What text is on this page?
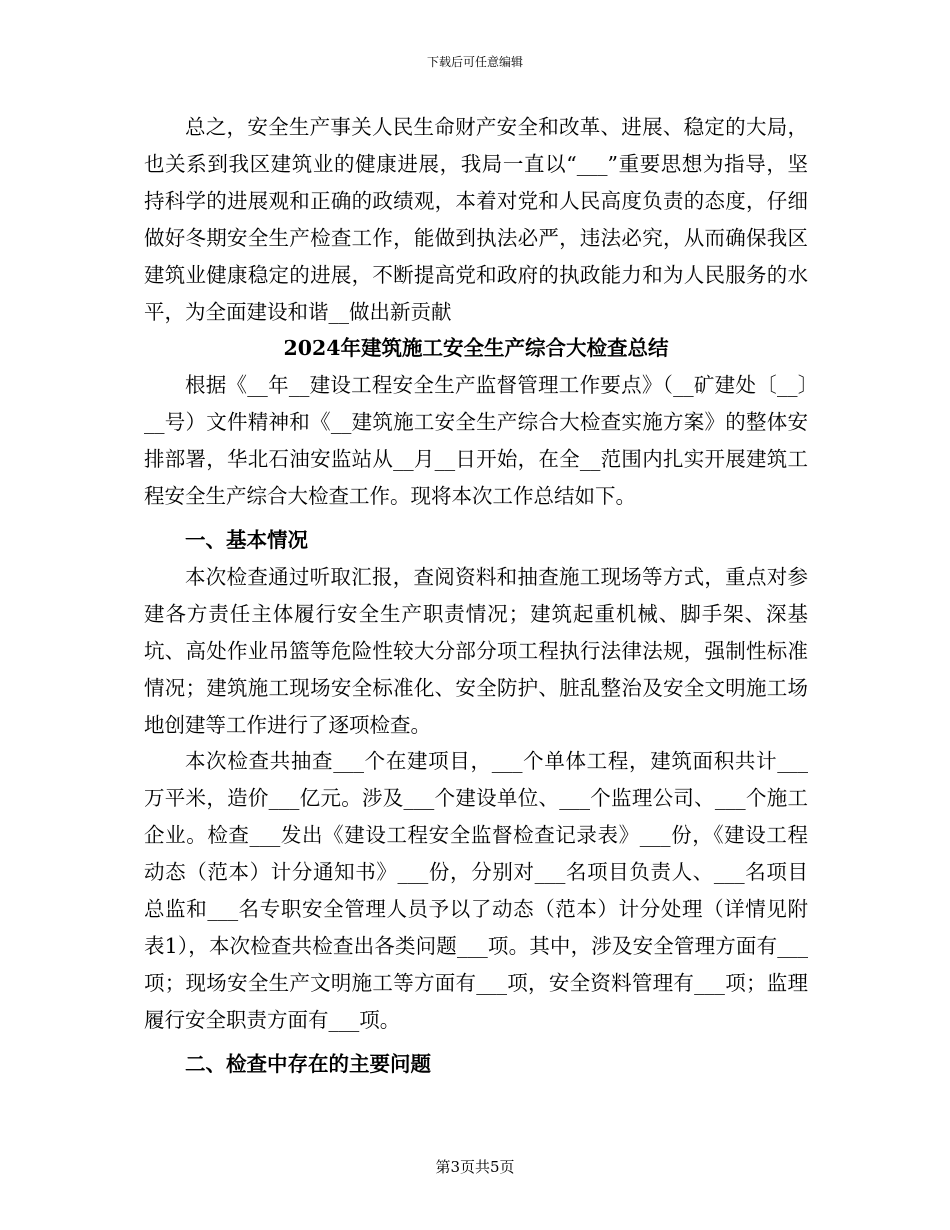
下载后可任意编辑

总之，安全生产事关人民生命财产安全和改革、进展、稳定的大局，也关系到我区建筑业的健康进展，我局一直以“___”重要思想为指导，坚持科学的进展观和正确的政绩观，本着对党和人民高度负责的态度，仔细做好冬期安全生产检查工作，能做到执法必严，违法必究，从而确保我区建筑业健康稳定的进展，不断提高党和政府的执政能力和为人民服务的水平，为全面建设和谐__做出新贡献

2024年建筑施工安全生产综合大检查总结

根据《__年__建设工程安全生产监督管理工作要点》（__矿建处〔__〕__号）文件精神和《__建筑施工安全生产综合大检查实施方案》的整体安排部署，华北石油安监站从__月__日开始，在全__范围内扎实开展建筑工程安全生产综合大检查工作。现将本次工作总结如下。

一、基本情况

本次检查通过听取汇报，查阅资料和抽查施工现场等方式，重点对参建各方责任主体履行安全生产职责情况；建筑起重机械、脚手架、深基坑、高处作业吊篮等危险性较大分部分项工程执行法律法规，强制性标准情况；建筑施工现场安全标准化、安全防护、脏乱整治及安全文明施工场地创建等工作进行了逐项检查。

本次检查共抽查___个在建项目，___个单体工程，建筑面积共计___万平米，造价___亿元。涉及___个建设单位、___个监理公司、___个施工企业。检查___发出《建设工程安全监督检查记录表》___份，《建设工程动态（范本）计分通知书》___份，分别对___名项目负责人、___名项目总监和___名专职安全管理人员予以了动态（范本）计分处理（详情见附表1），本次检查共检查出各类问题___项。其中，涉及安全管理方面有___项；现场安全生产文明施工等方面有___项，安全资料管理有___项；监理履行安全职责方面有___项。

二、检查中存在的主要问题

第3页共5页
